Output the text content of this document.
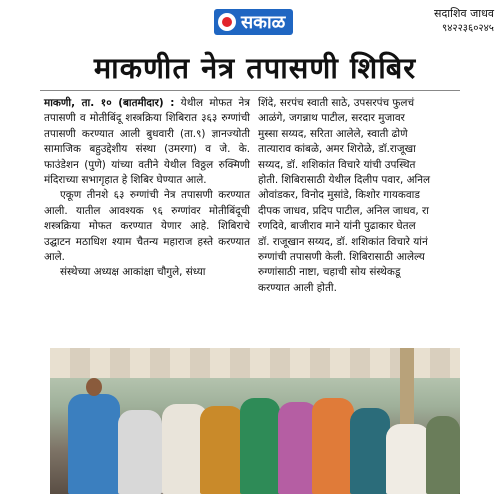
सकाळ	सदाशिव जाधव
९४२२३६०२४५
माकणीत नेत्र तपासणी शिबिर

माकणी, ता. १० (बातमीदार) : येथील मोफत नेत्र तपासणी व मोतीबिंदू शस्त्रक्रिया शिबिरात ३६३ रुग्णांची तपासणी करण्यात आली बुधवारी (ता.९) ज्ञानज्योती सामाजिक बहुउद्देशीय संस्था (उमरगा) व जे. के. फाउंडेशन (पुणे) यांच्या वतीने येथील विठ्ठल रुक्मिणी मंदिराच्या सभागृहात हे शिबिर घेण्यात आले.

एकूण तीनशे ६३ रुग्णांची नेत्र तपासणी करण्यात आली. यातील आवश्यक ९६ रुग्णांवर मोतीबिंदूची शस्त्रक्रिया मोफत करण्यात येणार आहे. शिबिराचे उद्घाटन मठाधिश श्याम चैतन्य महाराज हस्ते करण्यात आले.

संस्थेच्या अध्यक्ष आकांक्षा चौगुले, संध्या

शिंदे, सरपंच स्वाती साठे, उपसरपंच फुलचं
आळंगे, जगन्नाथ पाटील, सरदार मुजावर
मुस्सा सय्यद, सरिता आलेले, स्वाती ढोणे
तात्याराव कांबळे, अमर शिरोळे, डॉ.राजूखा
सय्यद, डॉ. शशिकांत विचारे यांची उपस्थित
होती. शिबिरासाठी येथील दिलीप पवार, अनिल
ओवांडकर, विनोद मुसांडे, किशोर गायकवाड
दीपक जाधव, प्रदिप पाटील, अनिल जाधव, रा
रणदिवे, बाजीराव माने यांनी पुढाकार घेतल
डॉ. राजूखान सय्यद, डॉ. शशिकांत विचारे यांनं
रुग्णांची तपासणी केली. शिबिरासाठी आलेल्य
रुग्णांसाठी नाष्टा, चहाची सोय संस्थेकडू
करण्यात आली होती.
